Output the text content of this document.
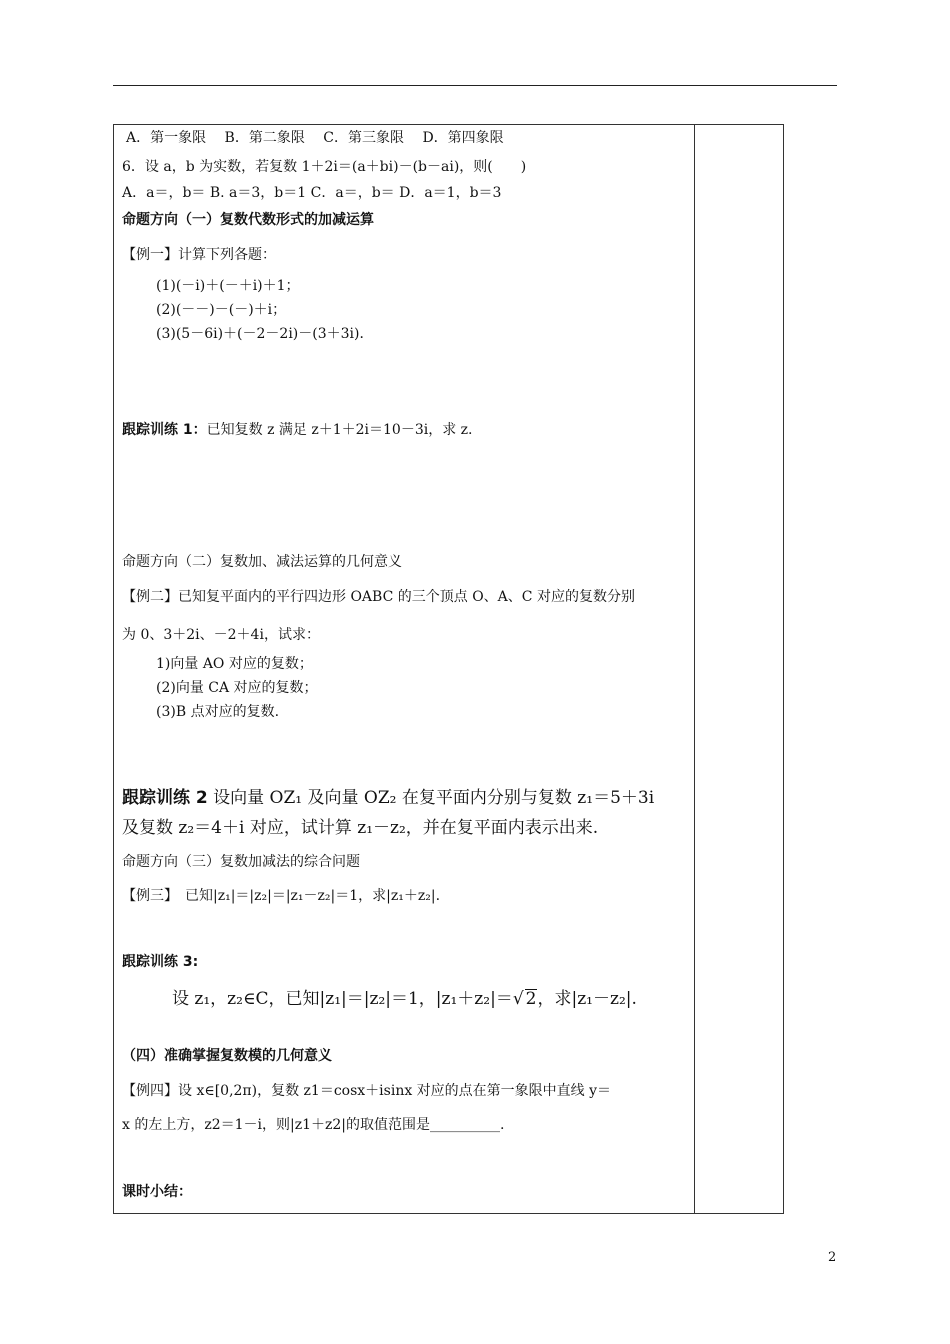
A．第一象限　 B．第二象限　 C．第三象限　 D．第四象限
6．设 a，b 为实数，若复数 1＋2i＝(a＋bi)－(b－ai)，则(　　)
A．a＝，b＝ B. a＝3，b＝1 C．a＝，b＝ D．a＝1，b＝3
命题方向（一）复数代数形式的加减运算
【例一】计算下列各题：
(1)(－i)＋(－＋i)＋1；
(2)(－－)－(－)＋i；
(3)(5－6i)＋(－2－2i)－(3＋3i)．
跟踪训练 1：已知复数 z 满足 z＋1＋2i＝10－3i，求 z.
命题方向（二）复数加、减法运算的几何意义
【例二】已知复平面内的平行四边形 OABC 的三个顶点 O、A、C 对应的复数分别
为 0、3＋2i、－2＋4i，试求：
1)向量 AO 对应的复数；
(2)向量 CA 对应的复数；
(3)B 点对应的复数.
跟踪训练 2 设向量 OZ₁ 及向量 OZ₂ 在复平面内分别与复数 z₁＝5＋3i
及复数 z₂＝4＋i 对应，试计算 z₁－z₂，并在复平面内表示出来.
命题方向（三）复数加减法的综合问题
【例三】　已知|z₁|＝|z₂|＝|z₁－z₂|＝1，求|z₁＋z₂|.
跟踪训练 3:
设 z₁，z₂∈C，已知|z₁|＝|z₂|＝1，|z₁＋z₂|＝√ 2，求|z₁－z₂|.
（四）准确掌握复数模的几何意义
【例四】设 x∈[0,2π)，复数 z1＝cosx＋isinx 对应的点在第一象限中直线 y＝
x 的左上方，z2＝1－i，则|z1＋z2|的取值范围是__________.
课时小结：
2
